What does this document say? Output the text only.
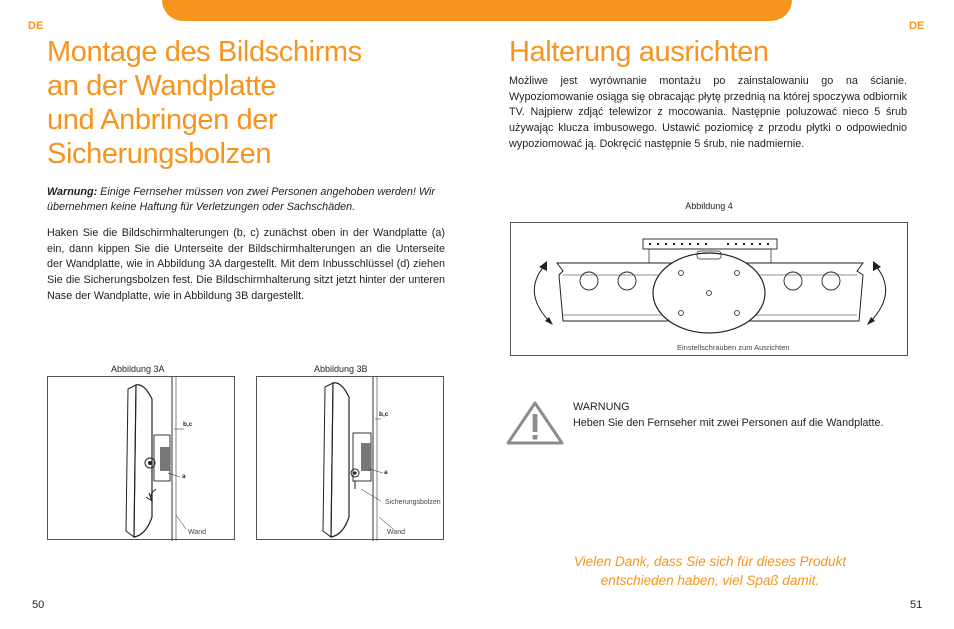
DE	DE
Montage des Bildschirms
an der Wandplatte
und Anbringen der
Sicherungsbolzen

Warnung: Einige Fernseher müssen von zwei Personen angehoben werden! Wir übernehmen keine Haftung für Verletzungen oder Sachschäden.

Haken Sie die Bildschirmhalterungen (b, c) zunächst oben in der Wandplatte (a) ein, dann kippen Sie die Unterseite der Bildschirmhalterungen an die Unterseite der Wandplatte, wie in Abbildung 3A dargestellt. Mit dem Inbusschlüssel (d) ziehen Sie die Sicherungsbolzen fest. Die Bildschirmhalterung sitzt jetzt hinter der unteren Nase der Wandplatte, wie in Abbildung 3B dargestellt.

Abbildung 3A	Abbildung 3B
b,c
a
Wand
b,c
a
Sicherungsbolzen
Wand
50
Halterung ausrichten

Możliwe jest wyrównanie montażu po zainstalowaniu go na ścianie. Wypoziomowanie osiąga się obracając płytę przednią na której spoczywa odbiornik TV. Najpierw zdjąć telewizor z mocowania. Następnie poluzować nieco 5 śrub używając klucza imbusowego. Ustawić poziomicę z przodu płytki o odpowiednio wypoziomować ją. Dokręcić następnie 5 śrub, nie nadmiernie.

Abbildung 4
Einstellschrauben zum Ausrichten
WARNUNG
Heben Sie den Fernseher mit zwei Personen auf die Wandplatte.
Vielen Dank, dass Sie sich für dieses Produkt
entschieden haben, viel Spaß damit.
51
